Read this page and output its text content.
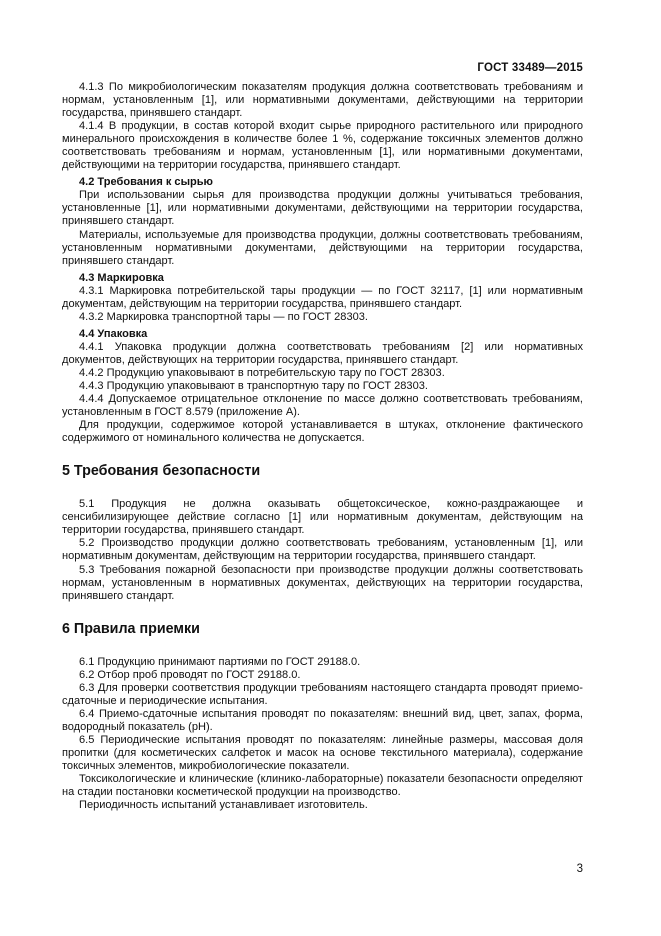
ГОСТ 33489—2015

4.1.3 По микробиологическим показателям продукция должна соответствовать требованиям и нормам, установленным [1], или нормативными документами, действующими на территории государства, принявшего стандарт.

4.1.4 В продукции, в состав которой входит сырье природного растительного или природного минерального происхождения в количестве более 1 %, содержание токсичных элементов должно соответствовать требованиям и нормам, установленным [1], или нормативными документами, действующими на территории государства, принявшего стандарт.

4.2 Требования к сырью

При использовании сырья для производства продукции должны учитываться требования, установленные [1], или нормативными документами, действующими на территории государства, принявшего стандарт.

Материалы, используемые для производства продукции, должны соответствовать требованиям, установленным нормативными документами, действующими на территории государства, принявшего стандарт.

4.3 Маркировка

4.3.1 Маркировка потребительской тары продукции — по ГОСТ 32117, [1] или нормативным документам, действующим на территории государства, принявшего стандарт.

4.3.2 Маркировка транспортной тары — по ГОСТ 28303.

4.4 Упаковка

4.4.1 Упаковка продукции должна соответствовать требованиям [2] или нормативных документов, действующих на территории государства, принявшего стандарт.

4.4.2 Продукцию упаковывают в потребительскую тару по ГОСТ 28303.

4.4.3 Продукцию упаковывают в транспортную тару по ГОСТ 28303.

4.4.4 Допускаемое отрицательное отклонение по массе должно соответствовать требованиям, установленным в ГОСТ 8.579 (приложение А).

Для продукции, содержимое которой устанавливается в штуках, отклонение фактического содержимого от номинального количества не допускается.

5 Требования безопасности

5.1 Продукция не должна оказывать общетоксическое, кожно-раздражающее и сенсибилизирующее действие согласно [1] или нормативным документам, действующим на территории государства, принявшего стандарт.

5.2 Производство продукции должно соответствовать требованиям, установленным [1], или нормативным документам, действующим на территории государства, принявшего стандарт.

5.3 Требования пожарной безопасности при производстве продукции должны соответствовать нормам, установленным в нормативных документах, действующих на территории государства, принявшего стандарт.

6 Правила приемки

6.1 Продукцию принимают партиями по ГОСТ 29188.0.

6.2 Отбор проб проводят по ГОСТ 29188.0.

6.3 Для проверки соответствия продукции требованиям настоящего стандарта проводят приемо-сдаточные и периодические испытания.

6.4 Приемо-сдаточные испытания проводят по показателям: внешний вид, цвет, запах, форма, водородный показатель (рН).

6.5 Периодические испытания проводят по показателям: линейные размеры, массовая доля пропитки (для косметических салфеток и масок на основе текстильного материала), содержание токсичных элементов, микробиологические показатели.

Токсикологические и клинические (клинико-лабораторные) показатели безопасности определяют на стадии постановки косметической продукции на производство.

Периодичность испытаний устанавливает изготовитель.

3
